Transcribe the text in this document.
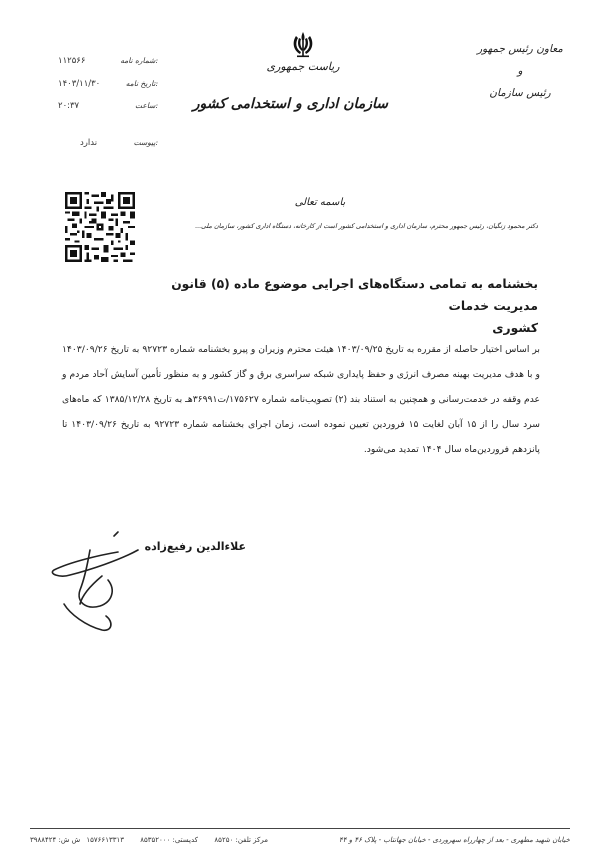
معاون رئیس جمهور
و
رئیس سازمان
ریاست جمهوری
سازمان اداری و استخدامی کشور
۱۱۲۵۶۶	شماره نامه:
۱۴۰۳/۱۱/۳۰	تاریخ نامه:
۲۰:۳۷	ساعت:
ندارد	پیوست:
باسمه تعالی
دکتر محمود زنگیان، رئیس جمهور محترم، سازمان اداری و استخدامی کشور است از کارخانه، دستگاه اداری کشور، سازمان ملی...
بخشنامه به تمامی دستگاه‌های اجرایی موضوع ماده (۵) قانون مدیریت خدمات
کشوری
بر اساس اختیار حاصله از مقرره به تاریخ ۱۴۰۳/۰۹/۲۵ هیئت محترم وزیران و پیرو بخشنامه شماره ۹۲۷۲۳ به تاریخ ۱۴۰۳/۰۹/۲۶ و با هدف مدیریت بهینه مصرف انرژی و حفظ پایداری شبکه سراسری برق و گاز کشور و به منظور تأمین آسایش آحاد مردم و عدم وقفه در خدمت‌رسانی و همچنین به استناد بند (۲) تصویب‌نامه شماره ۱۷۵۶۲۷/ت۳۶۹۹۱هـ به تاریخ ۱۳۸۵/۱۲/۲۸ که ماه‌های سرد سال را از ۱۵ آبان لغایت ۱۵ فروردین تعیین نموده است، زمان اجرای بخشنامه شماره ۹۲۷۲۳ به تاریخ ۱۴۰۳/۰۹/۲۶ تا پانزدهم فروردین‌ماه سال ۱۴۰۴ تمدید می‌شود.
علاءالدین رفیع‌زاده
خیابان شهید مطهری - بعد از چهارراه سهروردی - خیابان جهانتاب - پلاک ۴۶ و ۴۴
مرکز تلفن: ۸۵۲۵۰
کدپستی: ۸۵۳۵۲۰۰۰
۱۵۷۶۶۱۳۳۱۳
ش ش: ۳۹۸۸۴۲۴
